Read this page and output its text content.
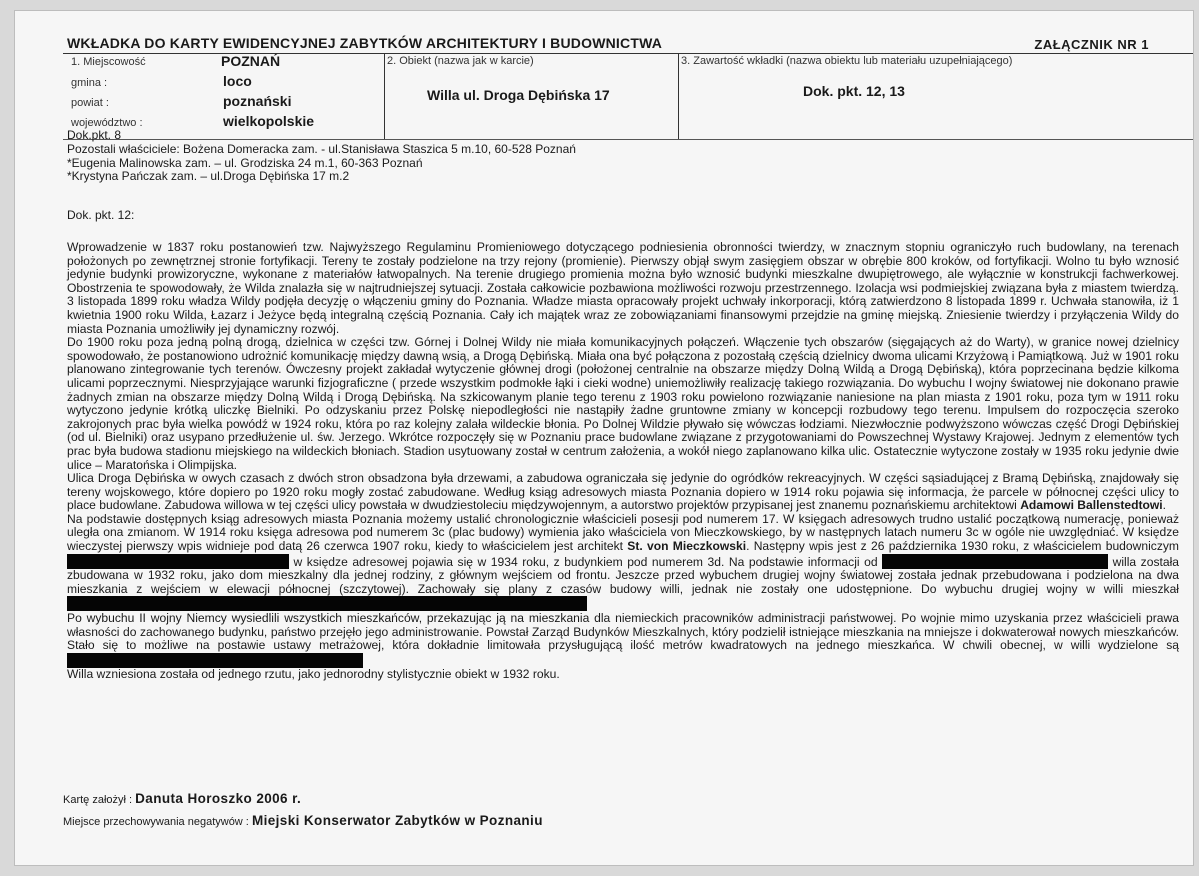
WKŁADKA DO KARTY EWIDENCYJNEJ ZABYTKÓW ARCHITEKTURY I BUDOWNICTWA	ZAŁĄCZNIK NR 1
1. Miejscowość	POZNAŃ
gmina :	loco
powiat :	poznański
województwo :	wielkopolskie
2. Obiekt (nazwa jak w karcie)
Willa ul. Droga Dębińska 17
3. Zawartość wkładki (nazwa obiektu lub materiału uzupełniającego)
Dok. pkt. 12, 13
Dok.pkt. 8
Pozostali właściciele: Bożena Domeracka zam. - ul.Stanisława Staszica 5 m.10, 60-528 Poznań
*Eugenia Malinowska zam. – ul. Grodziska 24 m.1, 60-363 Poznań
*Krystyna Pańczak zam. – ul.Droga Dębińska 17 m.2
Dok. pkt. 12:

Wprowadzenie w 1837 roku postanowień tzw. Najwyższego Regulaminu Promieniowego dotyczącego podniesienia obronności twierdzy, w znacznym stopniu ograniczyło ruch budowlany, na terenach położonych po zewnętrznej stronie fortyfikacji. Tereny te zostały podzielone na trzy rejony (promienie). Pierwszy objął swym zasięgiem obszar w obrębie 800 kroków, od fortyfikacji. Wolno tu było wznosić jedynie budynki prowizoryczne, wykonane z materiałów łatwopalnych. Na terenie drugiego promienia można było wznosić budynki mieszkalne dwupiętrowego, ale wyłącznie w konstrukcji fachwerkowej. Obostrzenia te spowodowały, że Wilda znalazła się w najtrudniejszej sytuacji. Została całkowicie pozbawiona możliwości rozwoju przestrzennego. Izolacja wsi podmiejskiej związana była z miastem twierdzą. 3 listopada 1899 roku władza Wildy podjęła decyzję o włączeniu gminy do Poznania. Władze miasta opracowały projekt uchwały inkorporacji, którą zatwierdzono 8 listopada 1899 r. Uchwała stanowiła, iż 1 kwietnia 1900 roku Wilda, Łazarz i Jeżyce będą integralną częścią Poznania. Cały ich majątek wraz ze zobowiązaniami finansowymi przejdzie na gminę miejską. Zniesienie twierdzy i przyłączenia Wildy do miasta Poznania umożliwiły jej dynamiczny rozwój.

Do 1900 roku poza jedną polną drogą, dzielnica w części tzw. Górnej i Dolnej Wildy nie miała komunikacyjnych połączeń. Włączenie tych obszarów (sięgających aż do Warty), w granice nowej dzielnicy spowodowało, że postanowiono udrożnić komunikację między dawną wsią, a Drogą Dębińską. Miała ona być połączona z pozostałą częścią dzielnicy dwoma ulicami Krzyżową i Pamiątkową. Już w 1901 roku planowano zintegrowanie tych terenów. Ówczesny projekt zakładał wytyczenie głównej drogi (położonej centralnie na obszarze między Dolną Wildą a Drogą Dębińską), która poprzecinana będzie kilkoma ulicami poprzecznymi. Niesprzyjające warunki fizjograficzne ( przede wszystkim podmokłe łąki i cieki wodne) uniemożliwiły realizację takiego rozwiązania. Do wybuchu I wojny światowej nie dokonano prawie żadnych zmian na obszarze między Dolną Wildą i Drogą Dębińską. Na szkicowanym planie tego terenu z 1903 roku powielono rozwiązanie naniesione na plan miasta z 1901 roku, poza tym w 1911 roku wytyczono jedynie krótką uliczkę Bielniki. Po odzyskaniu przez Polskę niepodległości nie nastąpiły żadne gruntowne zmiany w koncepcji rozbudowy tego terenu. Impulsem do rozpoczęcia szeroko zakrojonych prac była wielka powódź w 1924 roku, która po raz kolejny zalała wildeckie błonia. Po Dolnej Wildzie pływało się wówczas łodziami. Niezwłocznie podwyższono wówczas część Drogi Dębińskiej (od ul. Bielniki) oraz usypano przedłużenie ul. św. Jerzego. Wkrótce rozpoczęły się w Poznaniu prace budowlane związane z przygotowaniami do Powszechnej Wystawy Krajowej. Jednym z elementów tych prac była budowa stadionu miejskiego na wildeckich błoniach. Stadion usytuowany został w centrum założenia, a wokół niego zaplanowano kilka ulic. Ostatecznie wytyczone zostały w 1935 roku jedynie dwie ulice – Maratońska i Olimpijska.

Ulica Droga Dębińska w owych czasach z dwóch stron obsadzona była drzewami, a zabudowa ograniczała się jedynie do ogródków rekreacyjnych. W części sąsiadującej z Bramą Dębińską, znajdowały się tereny wojskowego, które dopiero po 1920 roku mogły zostać zabudowane. Według ksiąg adresowych miasta Poznania dopiero w 1914 roku pojawia się informacja, że parcele w północnej części ulicy to place budowlane. Zabudowa willowa w tej części ulicy powstała w dwudziestoleciu międzywojennym, a autorstwo projektów przypisanej jest znanemu poznańskiemu architektowi Adamowi Ballenstedtowi.

Na podstawie dostępnych ksiąg adresowych miasta Poznania możemy ustalić chronologicznie właścicieli posesji pod numerem 17. W księgach adresowych trudno ustalić początkową numerację, ponieważ uległa ona zmianom. W 1914 roku księga adresowa pod numerem 3c (plac budowy) wymienia jako właściciela von Mieczkowskiego, by w następnych latach numeru 3c w ogóle nie uwzględniać. W księdze wieczystej pierwszy wpis widnieje pod datą 26 czerwca 1907 roku, kiedy to właścicielem jest architekt St. von Mieczkowski. Następny wpis jest z 26 października 1930 roku, z właścicielem budowniczym  w księdze adresowej pojawia się w 1934 roku, z budynkiem pod numerem 3d. Na podstawie informacji od	willa została zbudowana w 1932 roku, jako dom mieszkalny dla jednej rodziny, z głównym wejściem od frontu. Jeszcze przed wybuchem drugiej wojny światowej została jednak przebudowana i podzielona na dwa mieszkania z wejściem w elewacji północnej (szczytowej). Zachowały się plany z czasów budowy willi, jednak nie zostały one udostępnione. Do wybuchu drugiej wojny w willi mieszkał

Po wybuchu II wojny Niemcy wysiedlili wszystkich mieszkańców, przekazując ją na mieszkania dla niemieckich pracowników administracji państwowej. Po wojnie mimo uzyskania przez właścicieli prawa własności do zachowanego budynku, państwo przejęło jego administrowanie. Powstał Zarząd Budynków Mieszkalnych, który podzielił istniejące mieszkania na mniejsze i dokwaterował nowych mieszkańców. Stało się to możliwe na postawie ustawy metrażowej, która dokładnie limitowała przysługującą ilość metrów kwadratowych na jednego mieszkańca. W chwili obecnej, w willi wydzielone są

Willa wzniesiona została od jednego rzutu, jako jednorodny stylistycznie obiekt w 1932 roku.

Kartę założył : Danuta Horoszko 2006 r.
Miejsce przechowywania negatywów : Miejski Konserwator Zabytków w Poznaniu
